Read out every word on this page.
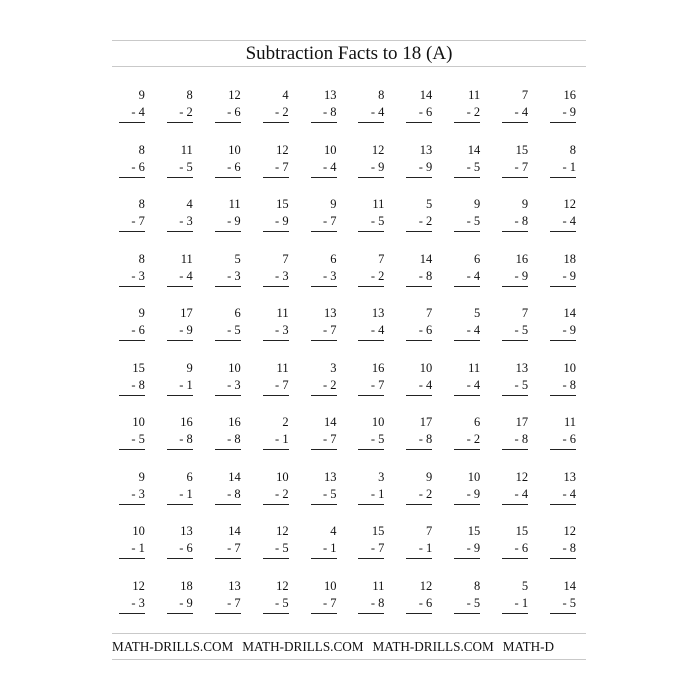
Subtraction Facts to 18 (A)
9
- 4
8
- 2
12
- 6
4
- 2
13
- 8
8
- 4
14
- 6
11
- 2
7
- 4
16
- 9
8
- 6
11
- 5
10
- 6
12
- 7
10
- 4
12
- 9
13
- 9
14
- 5
15
- 7
8
- 1
8
- 7
4
- 3
11
- 9
15
- 9
9
- 7
11
- 5
5
- 2
9
- 5
9
- 8
12
- 4
8
- 3
11
- 4
5
- 3
7
- 3
6
- 3
7
- 2
14
- 8
6
- 4
16
- 9
18
- 9
9
- 6
17
- 9
6
- 5
11
- 3
13
- 7
13
- 4
7
- 6
5
- 4
7
- 5
14
- 9
15
- 8
9
- 1
10
- 3
11
- 7
3
- 2
16
- 7
10
- 4
11
- 4
13
- 5
10
- 8
10
- 5
16
- 8
16
- 8
2
- 1
14
- 7
10
- 5
17
- 8
6
- 2
17
- 8
11
- 6
9
- 3
6
- 1
14
- 8
10
- 2
13
- 5
3
- 1
9
- 2
10
- 9
12
- 4
13
- 4
10
- 1
13
- 6
14
- 7
12
- 5
4
- 1
15
- 7
7
- 1
15
- 9
15
- 6
12
- 8
12
- 3
18
- 9
13
- 7
12
- 5
10
- 7
11
- 8
12
- 6
8
- 5
5
- 1
14
- 5
MATH-DRILLS.COM MATH-DRILLS.COM MATH-DRILLS.COM MATH-D
